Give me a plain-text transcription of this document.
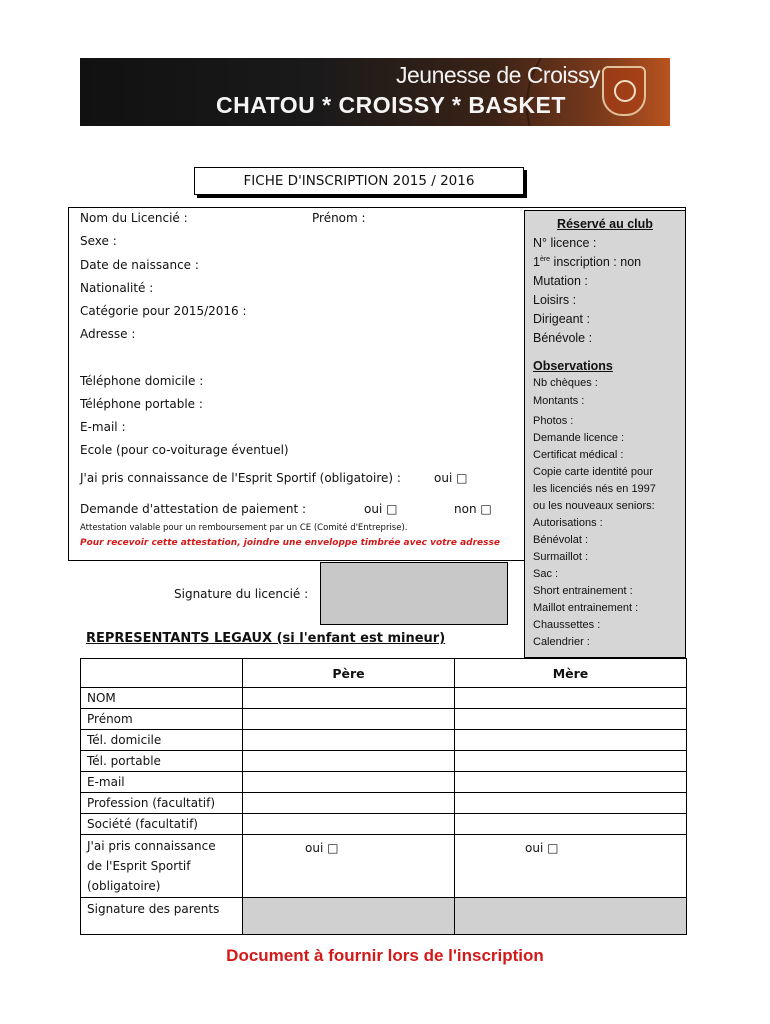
Jeunesse de Croissy
CHATOU * CROISSY * BASKET
FICHE D'INSCRIPTION 2015 / 2016
Nom du Licencié :	Prénom :
Sexe :
Date de naissance :
Nationalité :
Catégorie pour 2015/2016 :
Adresse :
Téléphone domicile :
Téléphone portable :
E-mail :
Ecole (pour co-voiturage éventuel)
J'ai pris connaissance de l'Esprit Sportif (obligatoire) :	oui □
Demande d'attestation de paiement :	oui □	non □
Attestation valable pour un remboursement par un CE (Comité d'Entreprise).
Pour recevoir cette attestation, joindre une enveloppe timbrée avec votre adresse
Réservé au club
N° licence :
1ère inscription : non
Mutation :
Loisirs :
Dirigeant :
Bénévole :
Observations
Nb chèques :
Montants :
Photos :
Demande licence :
Certificat médical :
Copie carte identité pour
les licenciés nés en 1997
ou les nouveaux seniors:
Autorisations :
Bénévolat :
Surmaillot :
Sac :
Short entrainement :
Maillot entrainement :
Chaussettes :
Calendrier :
Signature du licencié :
REPRESENTANTS LEGAUX (si l'enfant est mineur)
	Père	Mère
NOM		
Prénom		
Tél. domicile		
Tél. portable		
E-mail		
Profession (facultatif)		
Société (facultatif)		

J'ai pris connaissance
de l'Esprit Sportif
(obligatoire)	oui □	oui □
Signature des parents		
Document à fournir lors de l'inscription
